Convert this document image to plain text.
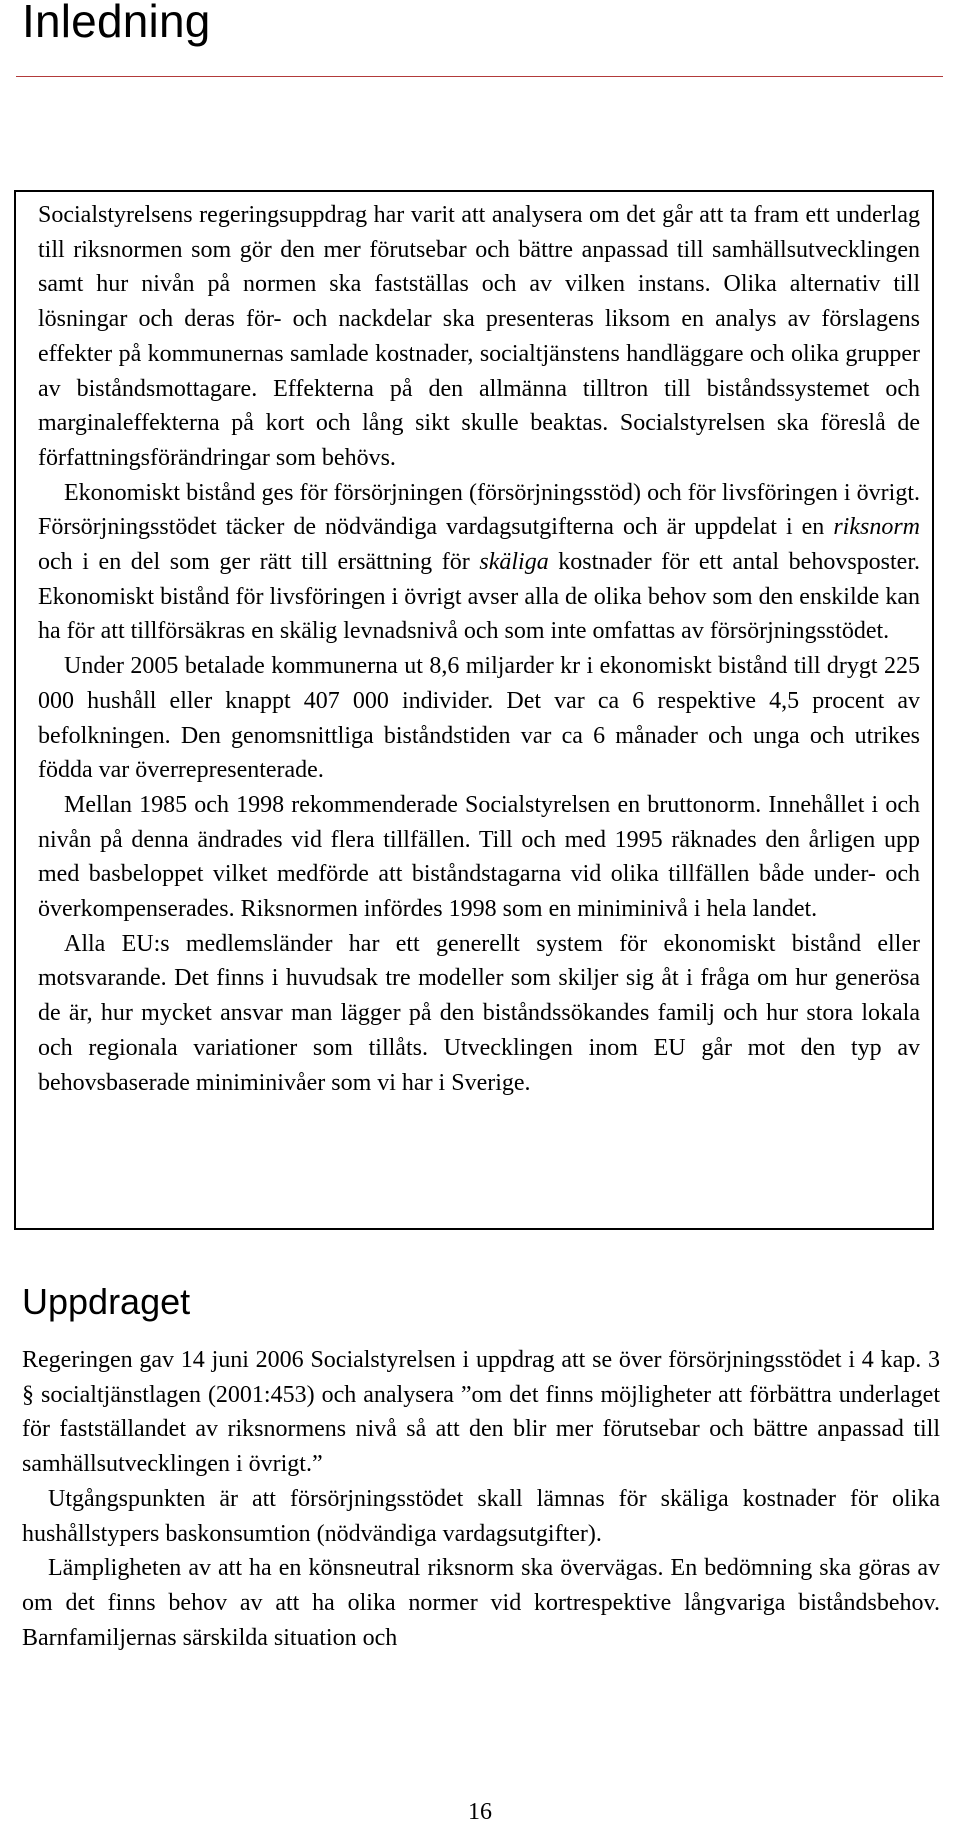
Inledning

Socialstyrelsens regeringsuppdrag har varit att analysera om det går att ta fram ett underlag till riksnormen som gör den mer förutsebar och bättre anpassad till samhällsutvecklingen samt hur nivån på normen ska fastställas och av vilken instans. Olika alternativ till lösningar och deras för- och nackdelar ska presenteras liksom en analys av förslagens effekter på kommunernas samlade kostnader, socialtjänstens handläggare och olika grupper av biståndsmottagare. Effekterna på den allmänna tilltron till biståndssystemet och marginaleffekterna på kort och lång sikt skulle beaktas. Socialstyrelsen ska föreslå de författningsförändringar som behövs.

Ekonomiskt bistånd ges för försörjningen (försörjningsstöd) och för livsföringen i övrigt. Försörjningsstödet täcker de nödvändiga vardagsutgifterna och är uppdelat i en riksnorm och i en del som ger rätt till ersättning för skäliga kostnader för ett antal behovsposter. Ekonomiskt bistånd för livsföringen i övrigt avser alla de olika behov som den enskilde kan ha för att tillförsäkras en skälig levnadsnivå och som inte omfattas av försörjningsstödet.

Under 2005 betalade kommunerna ut 8,6 miljarder kr i ekonomiskt bistånd till drygt 225 000 hushåll eller knappt 407 000 individer. Det var ca 6 respektive 4,5 procent av befolkningen. Den genomsnittliga biståndstiden var ca 6 månader och unga och utrikes födda var överrepresenterade.

Mellan 1985 och 1998 rekommenderade Socialstyrelsen en bruttonorm. Innehållet i och nivån på denna ändrades vid flera tillfällen. Till och med 1995 räknades den årligen upp med basbeloppet vilket medförde att biståndstagarna vid olika tillfällen både under- och överkompenserades. Riksnormen infördes 1998 som en miniminivå i hela landet.

Alla EU:s medlemsländer har ett generellt system för ekonomiskt bistånd eller motsvarande. Det finns i huvudsak tre modeller som skiljer sig åt i fråga om hur generösa de är, hur mycket ansvar man lägger på den biståndssökandes familj och hur stora lokala och regionala variationer som tillåts. Utvecklingen inom EU går mot den typ av behovsbaserade miniminivåer som vi har i Sverige.

Uppdraget

Regeringen gav 14 juni 2006 Socialstyrelsen i uppdrag att se över försörjningsstödet i 4 kap. 3 § socialtjänstlagen (2001:453) och analysera ”om det finns möjligheter att förbättra underlaget för fastställandet av riksnormens nivå så att den blir mer förutsebar och bättre anpassad till samhällsutvecklingen i övrigt.”

Utgångspunkten är att försörjningsstödet skall lämnas för skäliga kostnader för olika hushållstypers baskonsumtion (nödvändiga vardagsutgifter).

Lämpligheten av att ha en könsneutral riksnorm ska övervägas. En bedömning ska göras av om det finns behov av att ha olika normer vid kortrespektive långvariga biståndsbehov. Barnfamiljernas särskilda situation och

16
